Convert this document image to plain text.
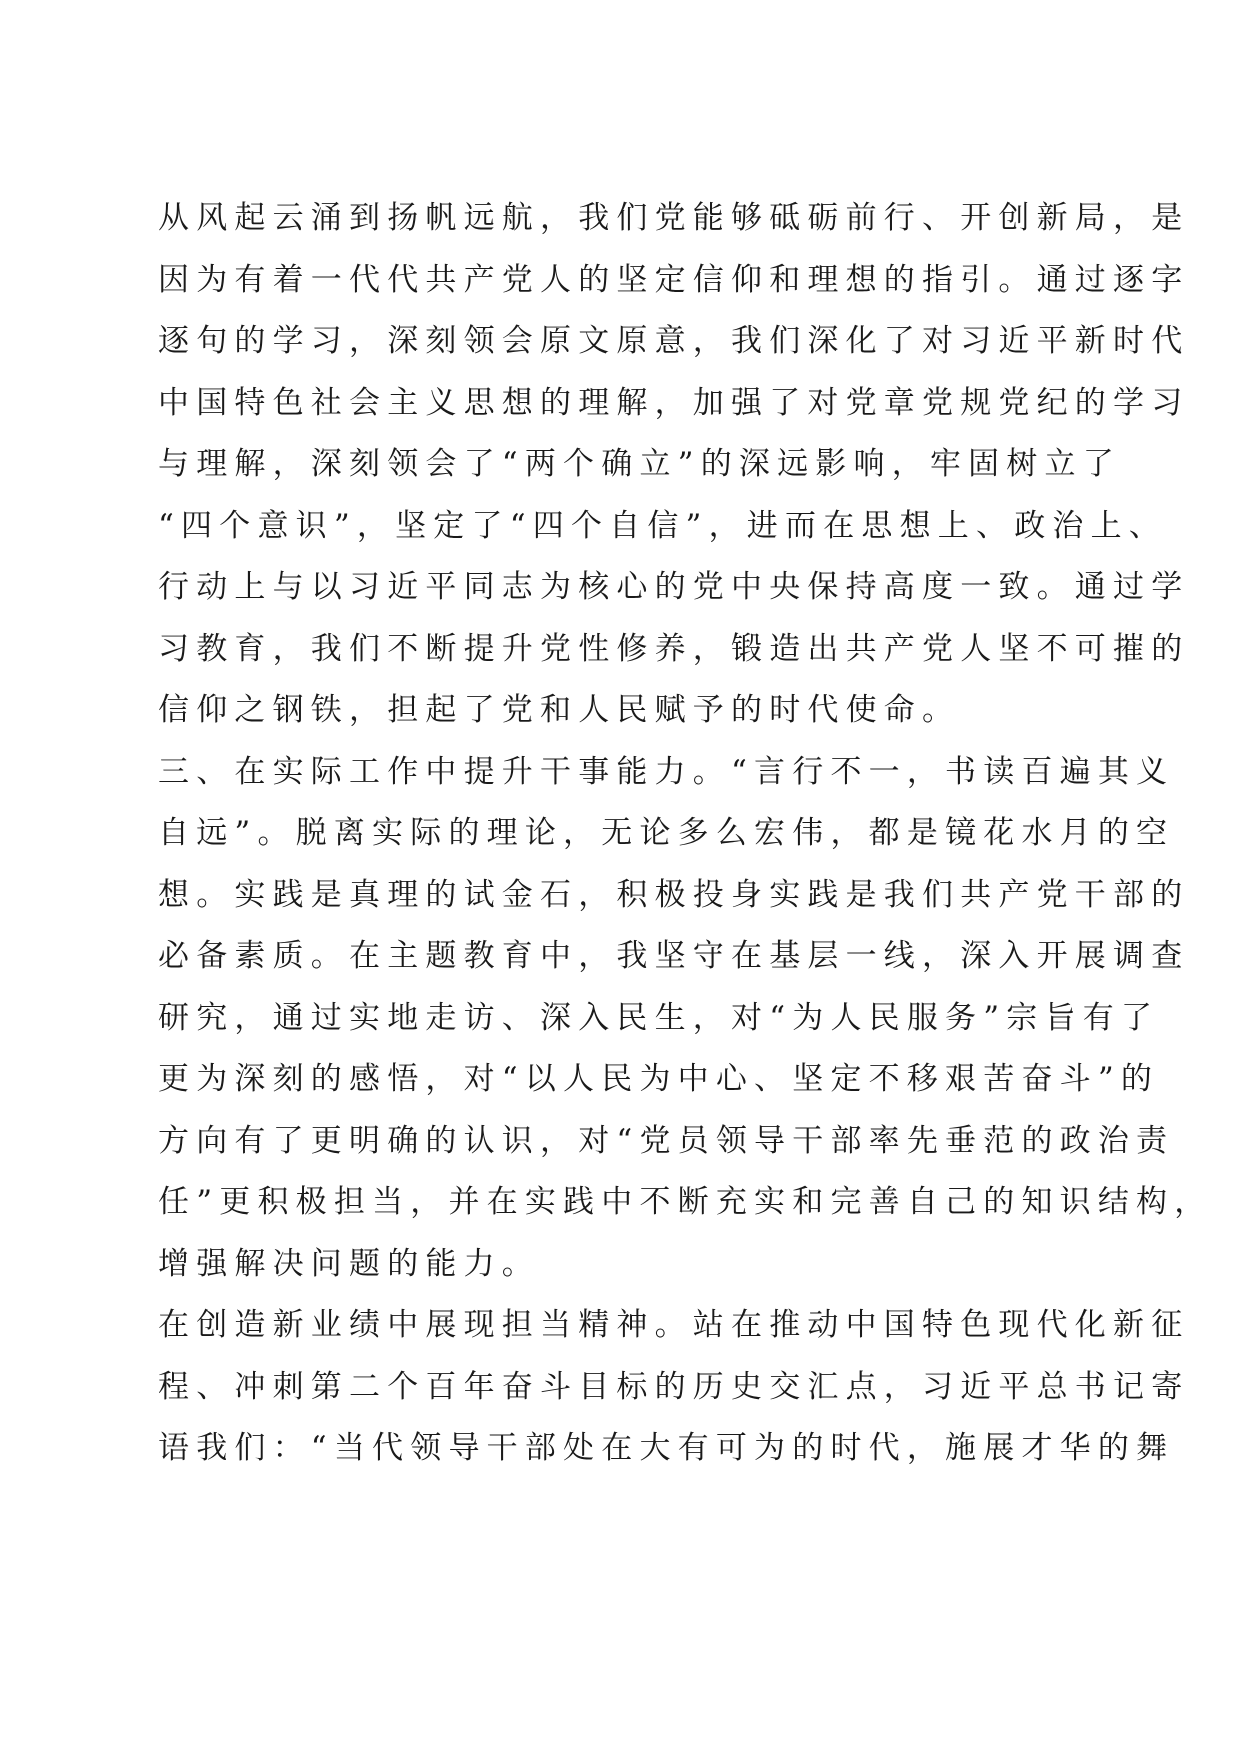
从风起云涌到扬帆远航，我们党能够砥砺前行、开创新局，是
因为有着一代代共产党人的坚定信仰和理想的指引。通过逐字
逐句的学习，深刻领会原文原意，我们深化了对习近平新时代
中国特色社会主义思想的理解，加强了对党章党规党纪的学习
与理解，深刻领会了“两个确立”的深远影响，牢固树立了
“四个意识”，坚定了“四个自信”，进而在思想上、政治上、
行动上与以习近平同志为核心的党中央保持高度一致。通过学
习教育，我们不断提升党性修养，锻造出共产党人坚不可摧的
信仰之钢铁，担起了党和人民赋予的时代使命。
三、在实际工作中提升干事能力。“言行不一，书读百遍其义
自远”。脱离实际的理论，无论多么宏伟，都是镜花水月的空
想。实践是真理的试金石，积极投身实践是我们共产党干部的
必备素质。在主题教育中，我坚守在基层一线，深入开展调查
研究，通过实地走访、深入民生，对“为人民服务”宗旨有了
更为深刻的感悟，对“以人民为中心、坚定不移艰苦奋斗”的
方向有了更明确的认识，对“党员领导干部率先垂范的政治责
任”更积极担当，并在实践中不断充实和完善自己的知识结构，
增强解决问题的能力。
在创造新业绩中展现担当精神。站在推动中国特色现代化新征
程、冲刺第二个百年奋斗目标的历史交汇点，习近平总书记寄
语我们：“当代领导干部处在大有可为的时代，施展才华的舞
